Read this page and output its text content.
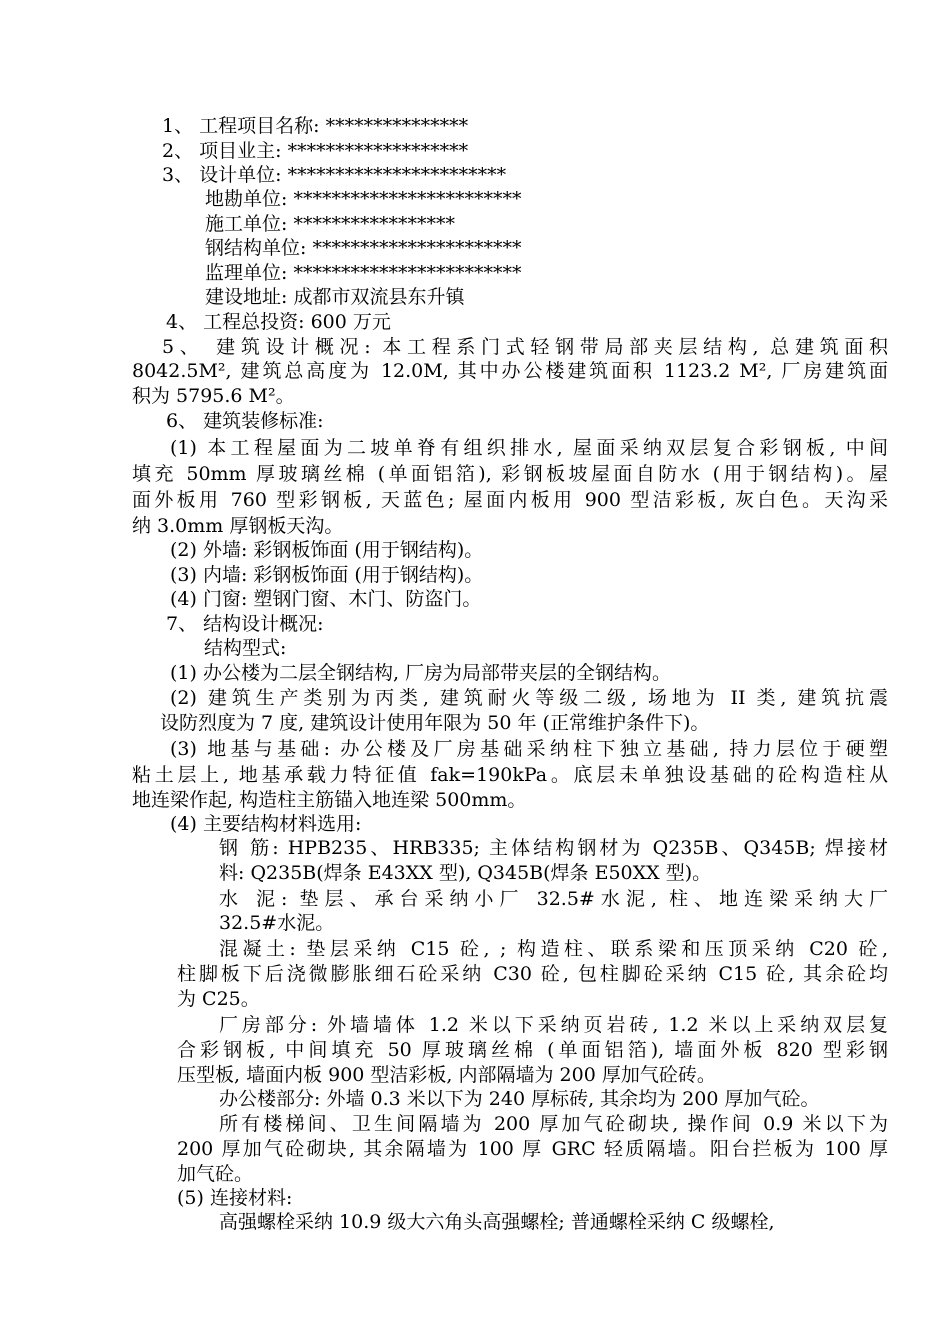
1、 工程项目名称: ***************
2、 项目业主: *******************
3、 设计单位: ***********************
地勘单位: ************************
施工单位: *****************
钢结构单位: **********************
监理单位: ************************
建设地址: 成都市双流县东升镇
4、 工程总投资: 600 万元
5、 建筑设计概况: 本工程系门式轻钢带局部夹层结构, 总建筑面积
8042.5M², 建筑总高度为 12.0M, 其中办公楼建筑面积 1123.2 M², 厂房建筑面
积为 5795.6 M²。
6、 建筑装修标准:
(1) 本工程屋面为二坡单脊有组织排水, 屋面采纳双层复合彩钢板, 中间
填充 50mm 厚玻璃丝棉 (单面铝箔), 彩钢板坡屋面自防水 (用于钢结构)。屋
面外板用 760 型彩钢板, 天蓝色; 屋面内板用 900 型洁彩板, 灰白色。天沟采
纳 3.0mm 厚钢板天沟。
(2) 外墙: 彩钢板饰面 (用于钢结构)。
(3) 内墙: 彩钢板饰面 (用于钢结构)。
(4) 门窗: 塑钢门窗、木门、防盗门。
7、 结构设计概况:
结构型式:
(1) 办公楼为二层全钢结构, 厂房为局部带夹层的全钢结构。
(2) 建筑生产类别为丙类, 建筑耐火等级二级, 场地为 II 类, 建筑抗震
设防烈度为 7 度, 建筑设计使用年限为 50 年 (正常维护条件下)。
(3) 地基与基础: 办公楼及厂房基础采纳柱下独立基础, 持力层位于硬塑
粘土层上, 地基承载力特征值 fak=190kPa。底层未单独设基础的砼构造柱从
地连梁作起, 构造柱主筋锚入地连梁 500mm。
(4) 主要结构材料选用:
钢 筋: HPB235、HRB335; 主体结构钢材为 Q235B、Q345B; 焊接材
料: Q235B(焊条 E43XX 型), Q345B(焊条 E50XX 型)。
水 泥: 垫层、承台采纳小厂 32.5#水泥, 柱、地连梁采纳大厂
32.5#水泥。
混凝土: 垫层采纳 C15 砼, ; 构造柱、联系梁和压顶采纳 C20 砼,
柱脚板下后浇微膨胀细石砼采纳 C30 砼, 包柱脚砼采纳 C15 砼, 其余砼均
为 C25。
厂房部分: 外墙墙体 1.2 米以下采纳页岩砖, 1.2 米以上采纳双层复
合彩钢板, 中间填充 50 厚玻璃丝棉 (单面铝箔), 墙面外板 820 型彩钢
压型板, 墙面内板 900 型洁彩板, 内部隔墙为 200 厚加气砼砖。
办公楼部分: 外墙 0.3 米以下为 240 厚标砖, 其余均为 200 厚加气砼。
所有楼梯间、卫生间隔墙为 200 厚加气砼砌块, 操作间 0.9 米以下为
200 厚加气砼砌块, 其余隔墙为 100 厚 GRC 轻质隔墙。阳台拦板为 100 厚
加气砼。
(5) 连接材料:
高强螺栓采纳 10.9 级大六角头高强螺栓; 普通螺栓采纳 C 级螺栓,
